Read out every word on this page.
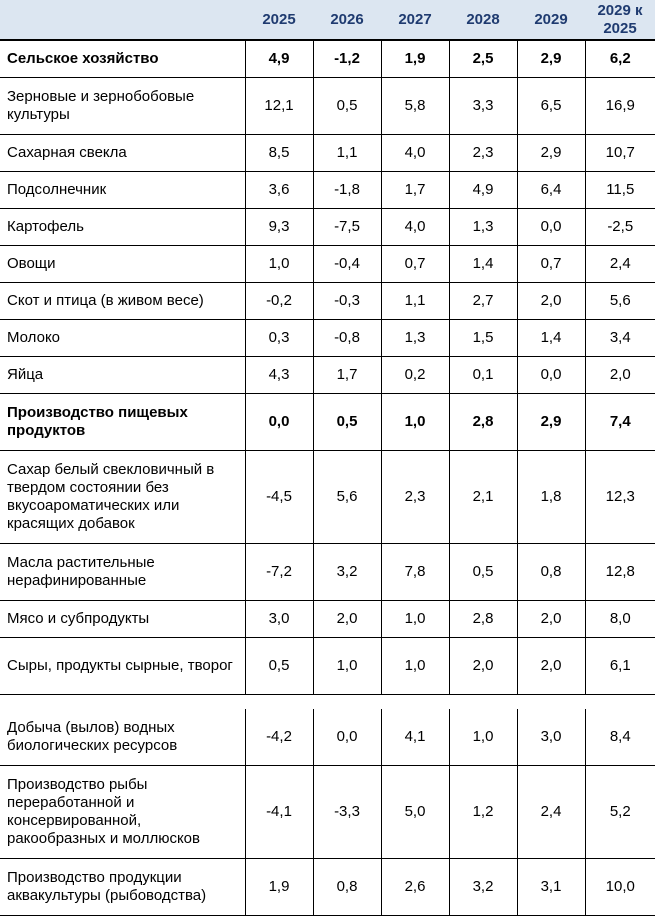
	2025	2026	2027	2028	2029	2029 к 2025
Сельское хозяйство	4,9	-1,2	1,9	2,5	2,9	6,2
Зерновые и зернобобовые культуры	12,1	0,5	5,8	3,3	6,5	16,9
Сахарная свекла	8,5	1,1	4,0	2,3	2,9	10,7
Подсолнечник	3,6	-1,8	1,7	4,9	6,4	11,5
Картофель	9,3	-7,5	4,0	1,3	0,0	-2,5
Овощи	1,0	-0,4	0,7	1,4	0,7	2,4
Скот и птица (в живом весе)	-0,2	-0,3	1,1	2,7	2,0	5,6
Молоко	0,3	-0,8	1,3	1,5	1,4	3,4
Яйца	4,3	1,7	0,2	0,1	0,0	2,0
Производство пищевых продуктов	0,0	0,5	1,0	2,8	2,9	7,4
Сахар белый свекловичный в твердом состоянии без вкусоароматических или красящих добавок	-4,5	5,6	2,3	2,1	1,8	12,3
Масла растительные нерафинированные	-7,2	3,2	7,8	0,5	0,8	12,8
Мясо и субпродукты	3,0	2,0	1,0	2,8	2,0	8,0
Сыры, продукты сырные, творог	0,5	1,0	1,0	2,0	2,0	6,1

Добыча (вылов) водных биологических ресурсов	-4,2	0,0	4,1	1,0	3,0	8,4
Производство рыбы переработанной и консервированной, ракообразных и моллюсков	-4,1	-3,3	5,0	1,2	2,4	5,2
Производство продукции аквакультуры (рыбоводства)	1,9	0,8	2,6	3,2	3,1	10,0
